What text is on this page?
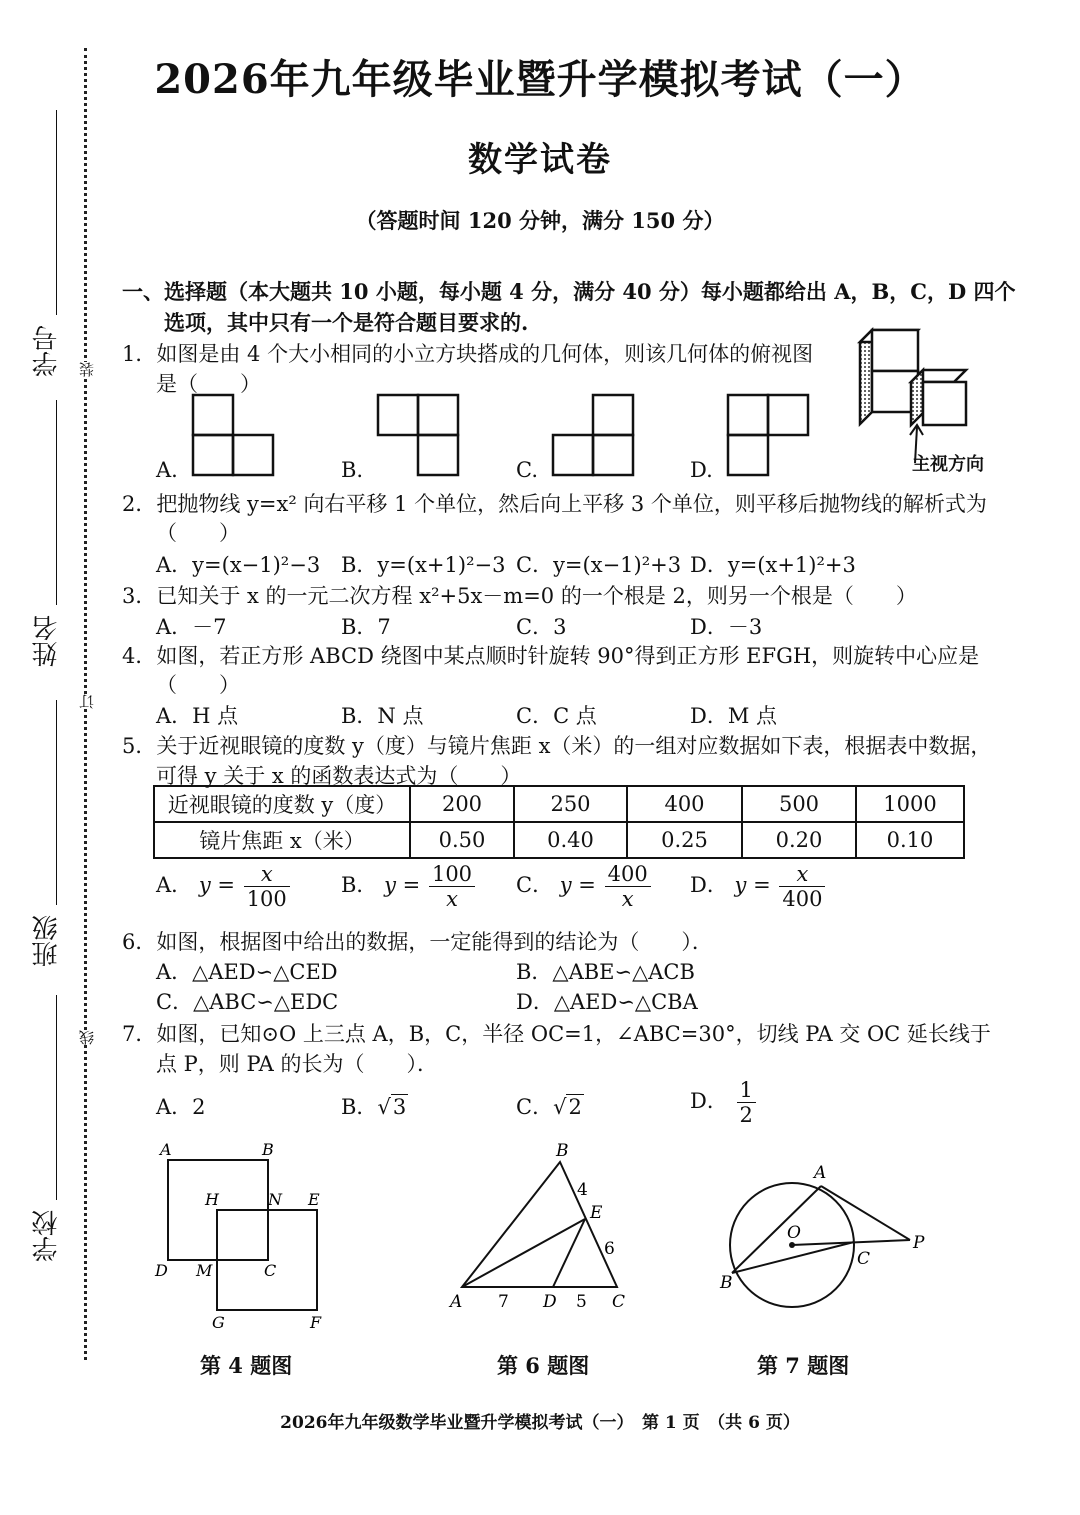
学号
姓名
班级
学校
装
订
线
2026年九年级毕业暨升学模拟考试（一）
数学试卷
（答题时间 120 分钟，满分 150 分）
一、选择题（本大题共 10 小题，每小题 4 分，满分 40 分）每小题都给出 A，B，C，D 四个
选项，其中只有一个是符合题目要求的.
1．如图是由 4 个大小相同的小立方块搭成的几何体，则该几何体的俯视图
是（　　）
A.	B.	C.	D.	主视方向
2．把抛物线 y=x² 向右平移 1 个单位，然后向上平移 3 个单位，则平移后抛物线的解析式为
（　　）
A．y=(x−1)²−3 B．y=(x+1)²−3 C．y=(x−1)²+3 D．y=(x+1)²+3
3．已知关于 x 的一元二次方程 x²+5x－m=0 的一个根是 2，则另一个根是（　　）
A．－7	B．7	C．3	D．－3
4．如图，若正方形 ABCD 绕图中某点顺时针旋转 90°得到正方形 EFGH，则旋转中心应是
（　　）
A．H 点	B．N 点	C．C 点	D．M 点
5．关于近视眼镜的度数 y（度）与镜片焦距 x（米）的一组对应数据如下表，根据表中数据，
可得 y 关于 x 的函数表达式为（　　）
近视眼镜的度数 y（度）	200	250	400	500	1000
镜片焦距 x（米）	0.50	0.40	0.25	0.20	0.10
A． $y = \frac{x}{100}$ B． $y = \frac{100}{x}$ C． $y = \frac{400}{x}$ D． $y = \frac{x}{400}$
6．如图，根据图中给出的数据，一定能得到的结论为（　　）．
A．△AED∽△CED	B．△ABE∽△ACB
C．△ABC∽△EDC	D．△AED∽△CBA
7．如图，已知⊙O 上三点 A，B，C，半径 OC=1，∠ABC=30°，切线 PA 交 OC 延长线于
点 P，则 PA 的长为（　　）．
A．2	B．√3	C．√2	D． $\frac{1}{2}$
A	B
H	N E
D M	C
G	F
第 4 题图
B
E
A	D	C
4
6
7	5
第 6 题图
A
O
B
C
P
第 7 题图
2026年九年级数学毕业暨升学模拟考试（一）　第 1 页　（共 6 页）
